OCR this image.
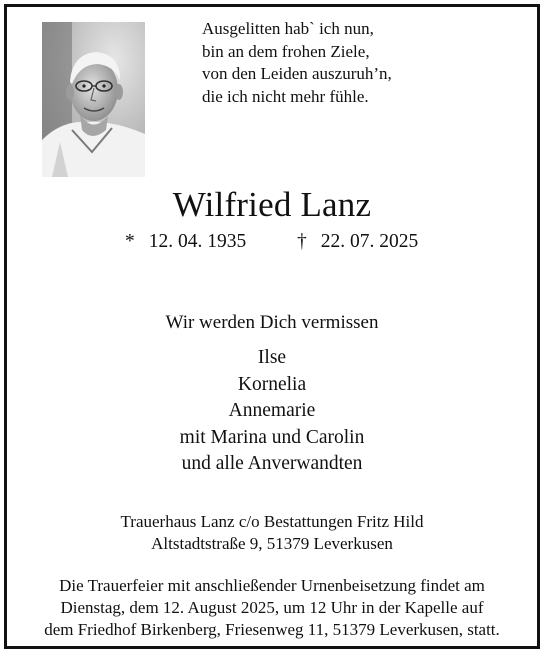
Ausgelitten hab` ich nun,
bin an dem frohen Ziele,
von den Leiden auszuruh’n,
die ich nicht mehr fühle.
Wilfried Lanz
* 12. 04. 1935	† 22. 07. 2025
Wir werden Dich vermissen
Ilse
Kornelia
Annemarie
mit Marina und Carolin
und alle Anverwandten
Trauerhaus Lanz c/o Bestattungen Fritz Hild
Altstadtstraße 9, 51379 Leverkusen
Die Trauerfeier mit anschließender Urnenbeisetzung findet am
Dienstag, dem 12. August 2025, um 12 Uhr in der Kapelle auf
dem Friedhof Birkenberg, Friesenweg 11, 51379 Leverkusen, statt.
